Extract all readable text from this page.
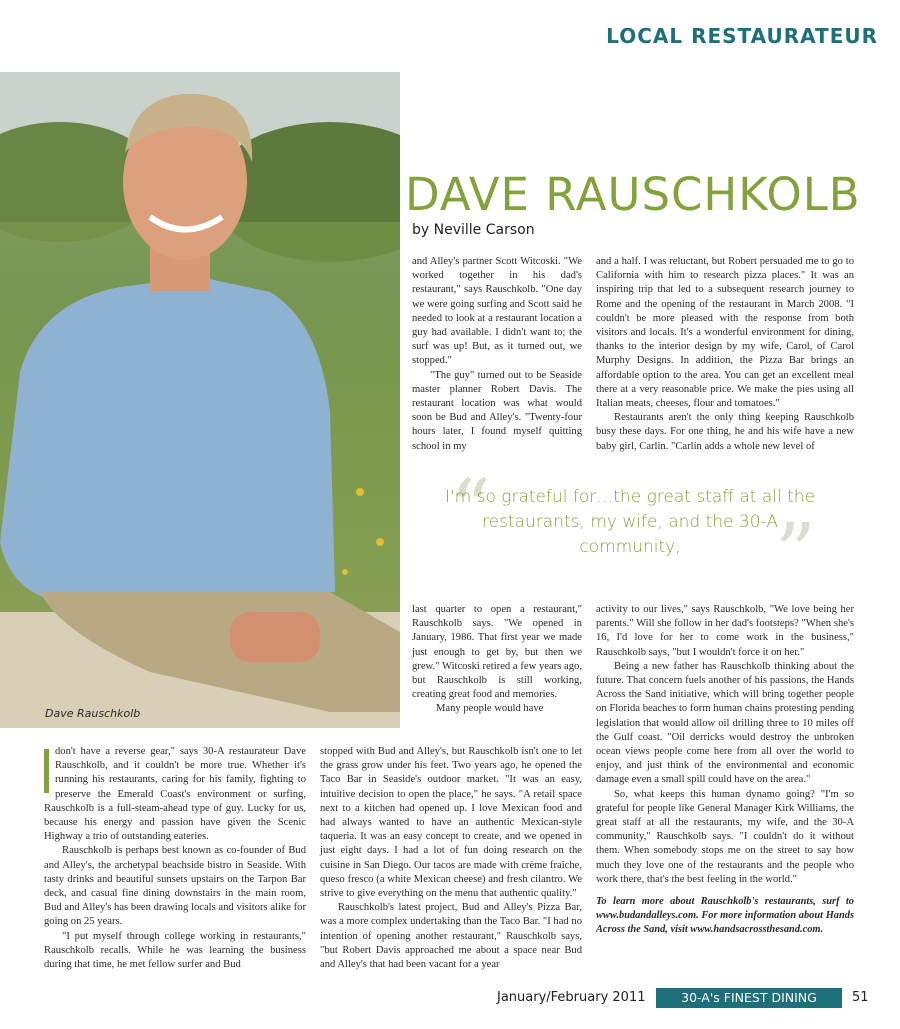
LOCAL RESTAURATEUR
Dave Rauschkolb
DAVE RAUSCHKOLB
by Neville Carson

and Alley's partner Scott Witcoski. "We worked together in his dad's restaurant," says Rauschkolb. "One day we were going surfing and Scott said he needed to look at a restaurant location a guy had available. I didn't want to; the surf was up! But, as it turned out, we stopped."

"The guy" turned out to be Seaside master planner Robert Davis. The restaurant location was what would soon be Bud and Alley's. "Twenty-four hours later, I found myself quitting school in my

and a half. I was reluctant, but Robert persuaded me to go to California with him to research pizza places." It was an inspiring trip that led to a subsequent research journey to Rome and the opening of the restaurant in March 2008. "I couldn't be more pleased with the response from both visitors and locals. It's a wonderful environment for dining, thanks to the interior design by my wife, Carol, of Carol Murphy Designs. In addition, the Pizza Bar brings an affordable option to the area. You can get an excellent meal there at a very reasonable price. We make the pies using all Italian meats, cheeses, flour and tomatoes."

Restaurants aren't the only thing keeping Rauschkolb busy these days. For one thing, he and his wife have a new baby girl, Carlin. "Carlin adds a whole new level of

“	”
I'm so grateful for…the great staff at all the restaurants, my wife, and the 30-A community,

last quarter to open a restaurant," Rauschkolb says. "We opened in January, 1986. That first year we made just enough to get by, but then we grew." Witcoski retired a few years ago, but Rauschkolb is still working, creating great food and memories.

Many people would have

don't have a reverse gear," says 30-A restaurateur Dave Rauschkolb, and it couldn't be more true. Whether it's running his restaurants, caring for his family, fighting to preserve the Emerald Coast's environment or surfing, Rauschkolb is a full-steam-ahead type of guy. Lucky for us, because his energy and passion have given the Scenic Highway a trio of outstanding eateries.

Rauschkolb is perhaps best known as co-founder of Bud and Alley's, the archetypal beachside bistro in Seaside. With tasty drinks and beautiful sunsets upstairs on the Tarpon Bar deck, and casual fine dining downstairs in the main room, Bud and Alley's has been drawing locals and visitors alike for going on 25 years.

"I put myself through college working in restaurants," Rauschkolb recalls. While he was learning the business during that time, he met fellow surfer and Bud

stopped with Bud and Alley's, but Rauschkolb isn't one to let the grass grow under his feet. Two years ago, he opened the Taco Bar in Seaside's outdoor market. "It was an easy, intuitive decision to open the place," he says. "A retail space next to a kitchen had opened up. I love Mexican food and had always wanted to have an authentic Mexican-style taqueria. It was an easy concept to create, and we opened in just eight days. I had a lot of fun doing research on the cuisine in San Diego. Our tacos are made with crème fraîche, queso fresco (a white Mexican cheese) and fresh cilantro. We strive to give everything on the menu that authentic quality."

Rauschkolb's latest project, Bud and Alley's Pizza Bar, was a more complex undertaking than the Taco Bar. "I had no intention of opening another restaurant," Rauschkolb says, "but Robert Davis approached me about a space near Bud and Alley's that had been vacant for a year

activity to our lives," says Rauschkolb, "We love being her parents." Will she follow in her dad's footsteps? "When she's 16, I'd love for her to come work in the business," Rauschkolb says, "but I wouldn't force it on her."

Being a new father has Rauschkolb thinking about the future. That concern fuels another of his passions, the Hands Across the Sand initiative, which will bring together people on Florida beaches to form human chains protesting pending legislation that would allow oil drilling three to 10 miles off the Gulf coast. "Oil derricks would destroy the unbroken ocean views people come here from all over the world to enjoy, and just think of the environmental and economic damage even a small spill could have on the area."

So, what keeps this human dynamo going? "I'm so grateful for people like General Manager Kirk Williams, the great staff at all the restaurants, my wife, and the 30-A community," Rauschkolb says. "I couldn't do it without them. When somebody stops me on the street to say how much they love one of the restaurants and the people who work there, that's the best feeling in the world."

To learn more about Rauschkolb's restaurants, surf to www.budandalleys.com. For more information about Hands Across the Sand, visit www.handsacrossthesand.com.

January/February 2011	30-A's FINEST DINING	51
